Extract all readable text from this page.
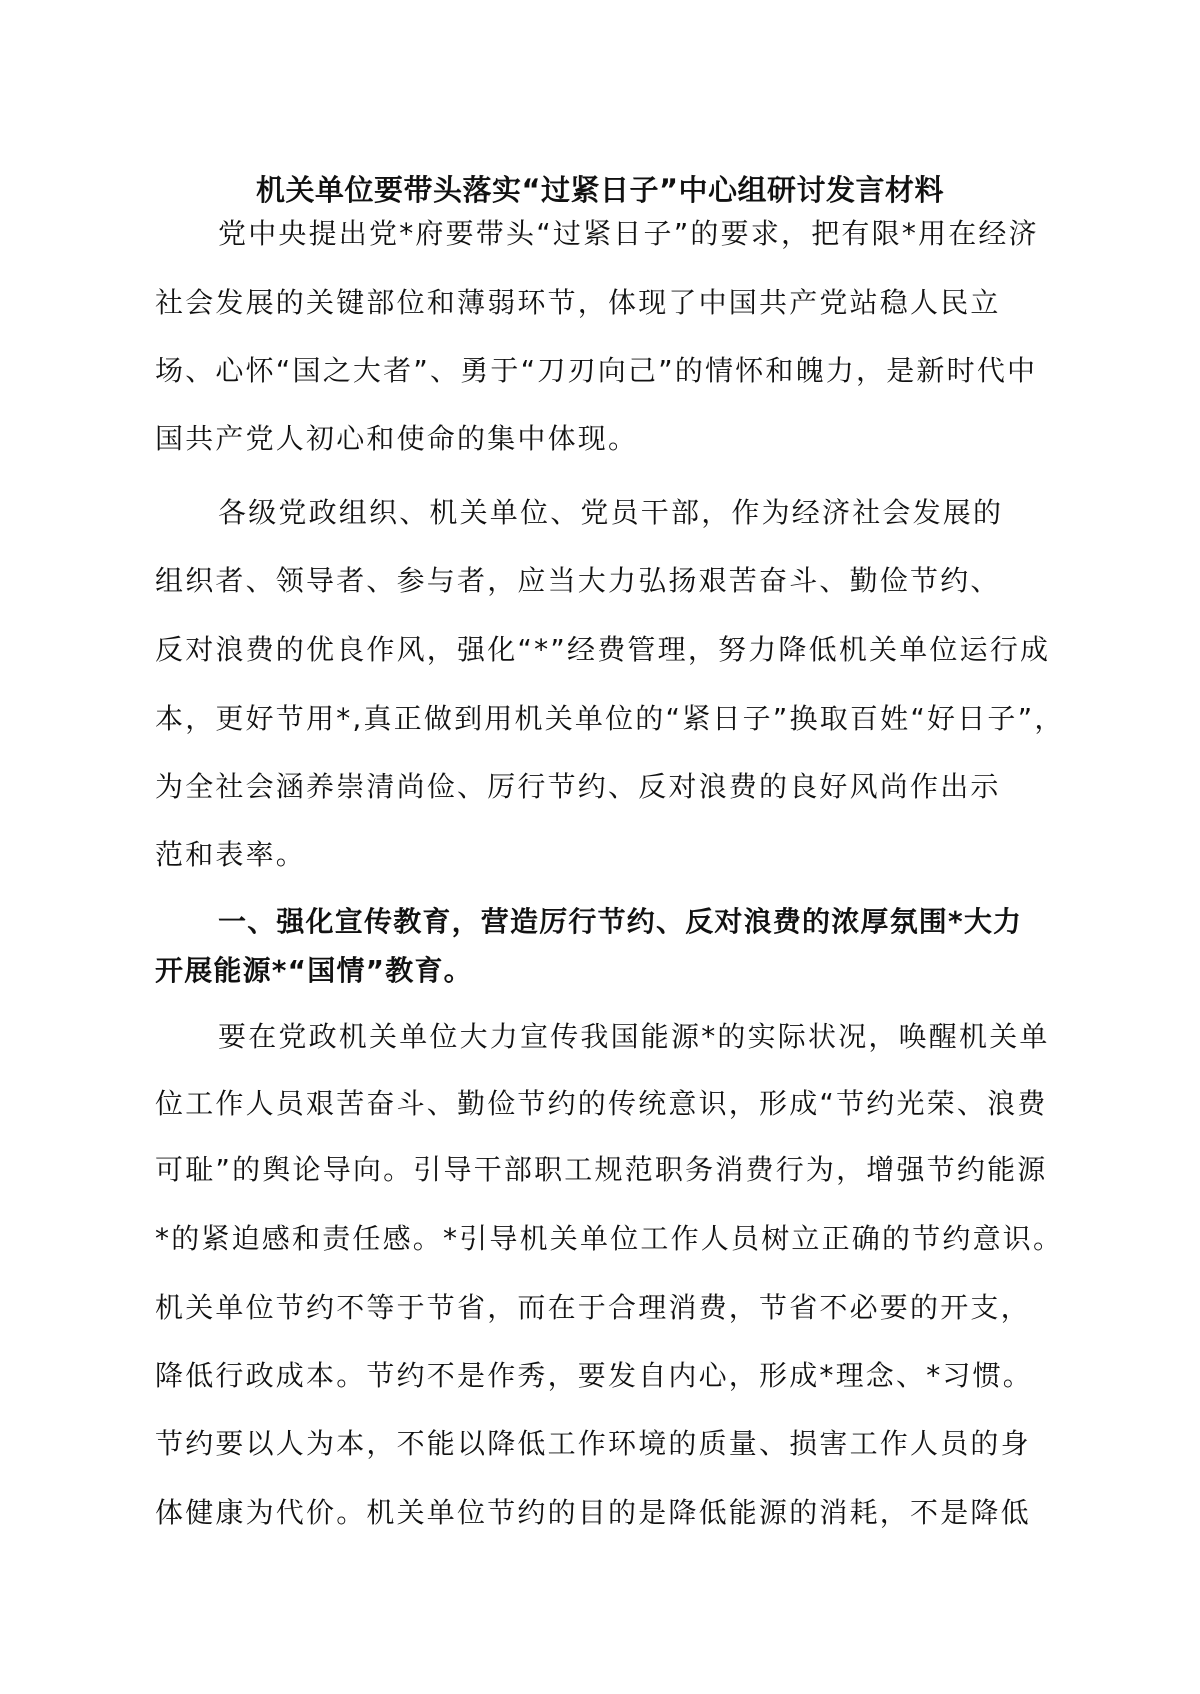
机关单位要带头落实“过紧日子”中心组研讨发言材料
党中央提出党*府要带头“过紧日子”的要求，把有限*用在经济
社会发展的关键部位和薄弱环节，体现了中国共产党站稳人民立
场、心怀“国之大者”、勇于“刀刃向己”的情怀和魄力，是新时代中
国共产党人初心和使命的集中体现。
各级党政组织、机关单位、党员干部，作为经济社会发展的
组织者、领导者、参与者，应当大力弘扬艰苦奋斗、勤俭节约、
反对浪费的优良作风，强化“*”经费管理，努力降低机关单位运行成
本，更好节用*,真正做到用机关单位的“紧日子”换取百姓“好日子”，
为全社会涵养崇清尚俭、厉行节约、反对浪费的良好风尚作出示
范和表率。
一、强化宣传教育，营造厉行节约、反对浪费的浓厚氛围*大力
开展能源*“国情”教育。
要在党政机关单位大力宣传我国能源*的实际状况，唤醒机关单
位工作人员艰苦奋斗、勤俭节约的传统意识，形成“节约光荣、浪费
可耻”的舆论导向。引导干部职工规范职务消费行为，增强节约能源
*的紧迫感和责任感。*引导机关单位工作人员树立正确的节约意识。
机关单位节约不等于节省，而在于合理消费，节省不必要的开支，
降低行政成本。节约不是作秀，要发自内心，形成*理念、*习惯。
节约要以人为本，不能以降低工作环境的质量、损害工作人员的身
体健康为代价。机关单位节约的目的是降低能源的消耗，不是降低
